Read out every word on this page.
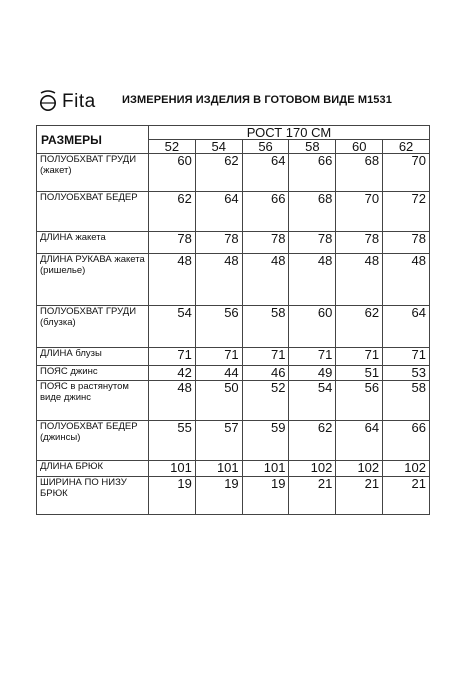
Fita ИЗМЕРЕНИЯ ИЗДЕЛИЯ В ГОТОВОМ ВИДЕ М1531
РАЗМЕРЫ	РОСТ 170 СМ					
	52	54	56	58	60	62
ПОЛУОБХВАТ ГРУДИ (жакет)	60	62	64	66	68	70
ПОЛУОБХВАТ БЕДЕР	62	64	66	68	70	72
ДЛИНА жакета	78	78	78	78	78	78
ДЛИНА РУКАВА жакета (ришелье)	48	48	48	48	48	48
ПОЛУОБХВАТ ГРУДИ (блузка)	54	56	58	60	62	64
ДЛИНА блузы	71	71	71	71	71	71
ПОЯС джинс	42	44	46	49	51	53
ПОЯС в растянутом виде джинс	48	50	52	54	56	58
ПОЛУОБХВАТ БЕДЕР (джинсы)	55	57	59	62	64	66
ДЛИНА БРЮК	101	101	101	102	102	102
ШИРИНА ПО НИЗУ БРЮК	19	19	19	21	21	21
